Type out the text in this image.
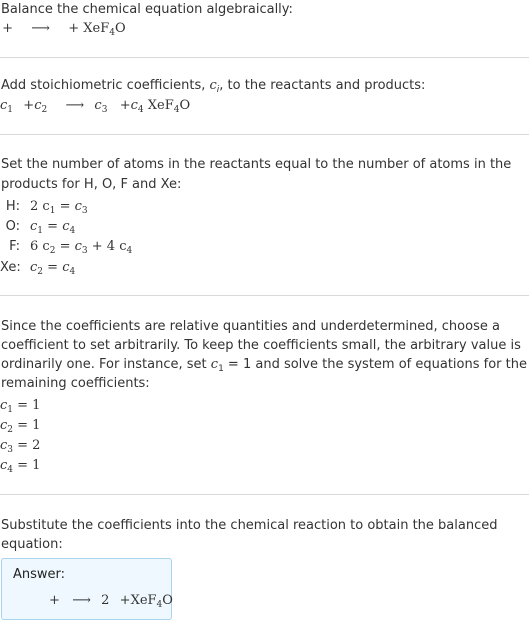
Balance the chemical equation algebraically:

+ ⟶ + XeF$_4$O

Add stoichiometric coefficients, $c_i$, to the reactants and products:

$c_1 +c_2$ ⟶ $c_3 +c_4$ XeF$_4$O

Set the number of atoms in the reactants equal to the number of atoms in the

products for H, O, F and Xe:

H: 2 $c_1 = c_3$
O: $c_1 = c_4$
F: 6 $c_2 = c_3 + 4$ $c_4$
Xe: $c_2 = c_4$

Since the coefficients are relative quantities and underdetermined, choose a

coefficient to set arbitrarily. To keep the coefficients small, the arbitrary value is

ordinarily one. For instance, set $c_1 = 1$ and solve the system of equations for the

remaining coefficients:

$c_1 = 1$
$c_2 = 1$
$c_3 = 2$
$c_4 = 1$

Substitute the coefficients into the chemical reaction to obtain the balanced

equation:

Answer:
+ ⟶ 2 +XeF$_4$O
